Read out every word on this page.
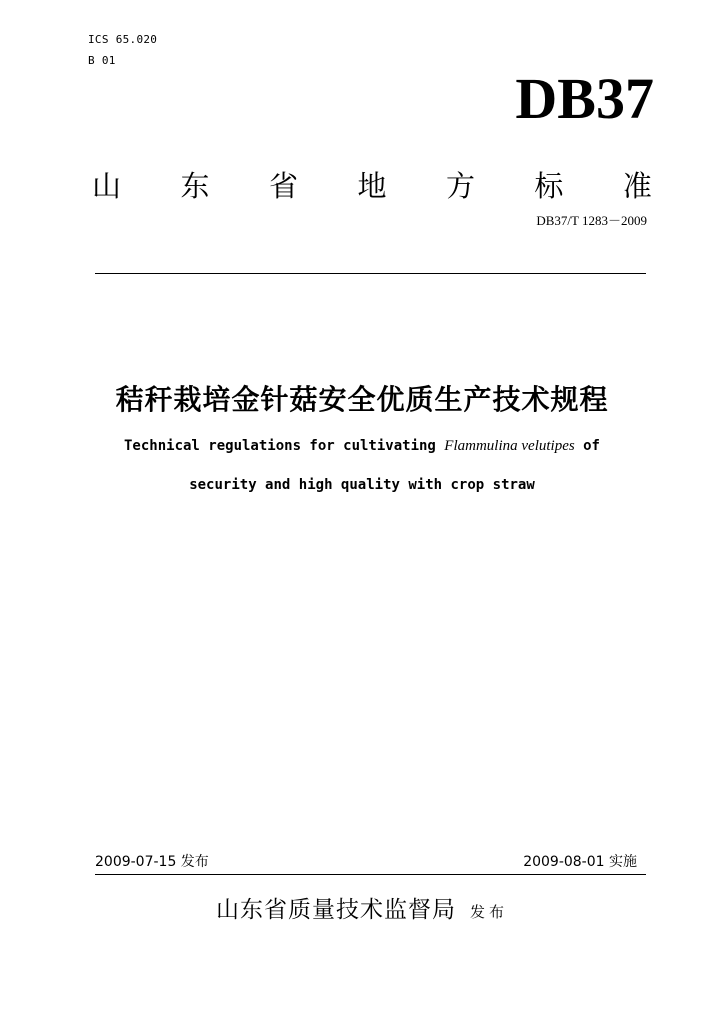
ICS 65.020
B 01
DB37
山 东 省 地 方 标 准
DB37/T 1283－2009
秸秆栽培金针菇安全优质生产技术规程
Technical regulations for cultivating Flammulina velutipes of
security and high quality with crop straw
2009-07-15 发布	2009-08-01 实施
山东省质量技术监督局 发布
